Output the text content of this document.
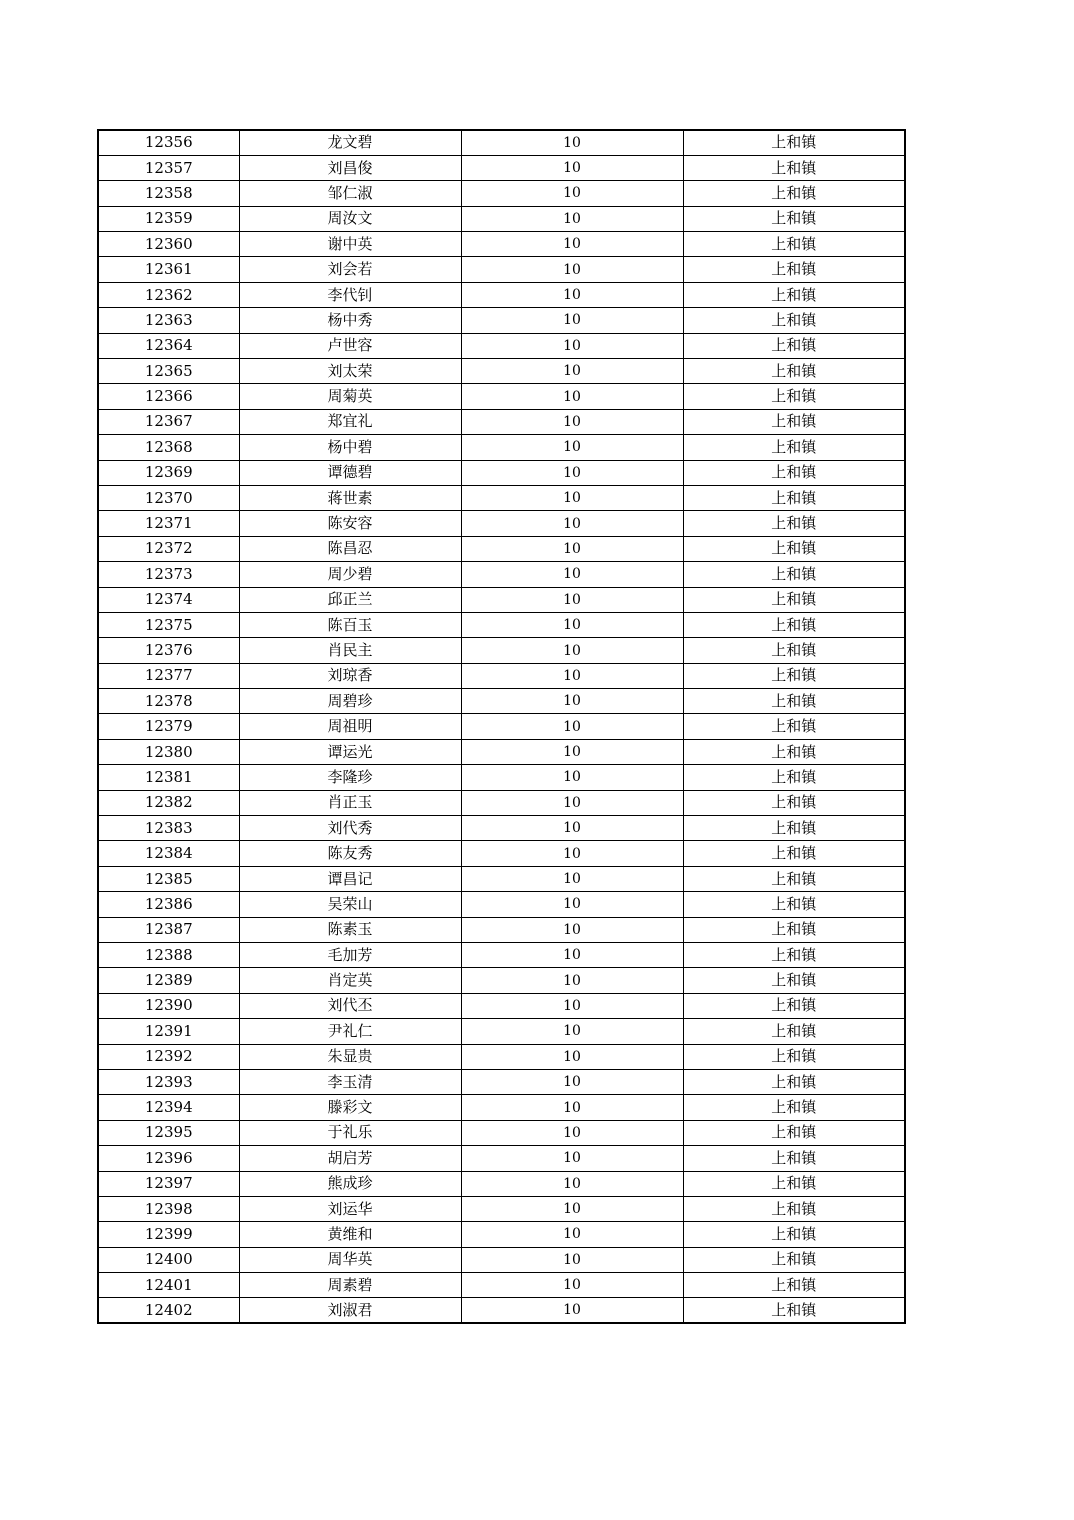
12356	龙文碧	10	上和镇
12357	刘昌俊	10	上和镇
12358	邹仁淑	10	上和镇
12359	周汝文	10	上和镇
12360	谢中英	10	上和镇
12361	刘会若	10	上和镇
12362	李代钊	10	上和镇
12363	杨中秀	10	上和镇
12364	卢世容	10	上和镇
12365	刘太荣	10	上和镇
12366	周菊英	10	上和镇
12367	郑宜礼	10	上和镇
12368	杨中碧	10	上和镇
12369	谭德碧	10	上和镇
12370	蒋世素	10	上和镇
12371	陈安容	10	上和镇
12372	陈昌忍	10	上和镇
12373	周少碧	10	上和镇
12374	邱正兰	10	上和镇
12375	陈百玉	10	上和镇
12376	肖民主	10	上和镇
12377	刘琼香	10	上和镇
12378	周碧珍	10	上和镇
12379	周祖明	10	上和镇
12380	谭运光	10	上和镇
12381	李隆珍	10	上和镇
12382	肖正玉	10	上和镇
12383	刘代秀	10	上和镇
12384	陈友秀	10	上和镇
12385	谭昌记	10	上和镇
12386	吴荣山	10	上和镇
12387	陈素玉	10	上和镇
12388	毛加芳	10	上和镇
12389	肖定英	10	上和镇
12390	刘代丕	10	上和镇
12391	尹礼仁	10	上和镇
12392	朱显贵	10	上和镇
12393	李玉清	10	上和镇
12394	滕彩文	10	上和镇
12395	于礼乐	10	上和镇
12396	胡启芳	10	上和镇
12397	熊成珍	10	上和镇
12398	刘运华	10	上和镇
12399	黄维和	10	上和镇
12400	周华英	10	上和镇
12401	周素碧	10	上和镇
12402	刘淑君	10	上和镇
